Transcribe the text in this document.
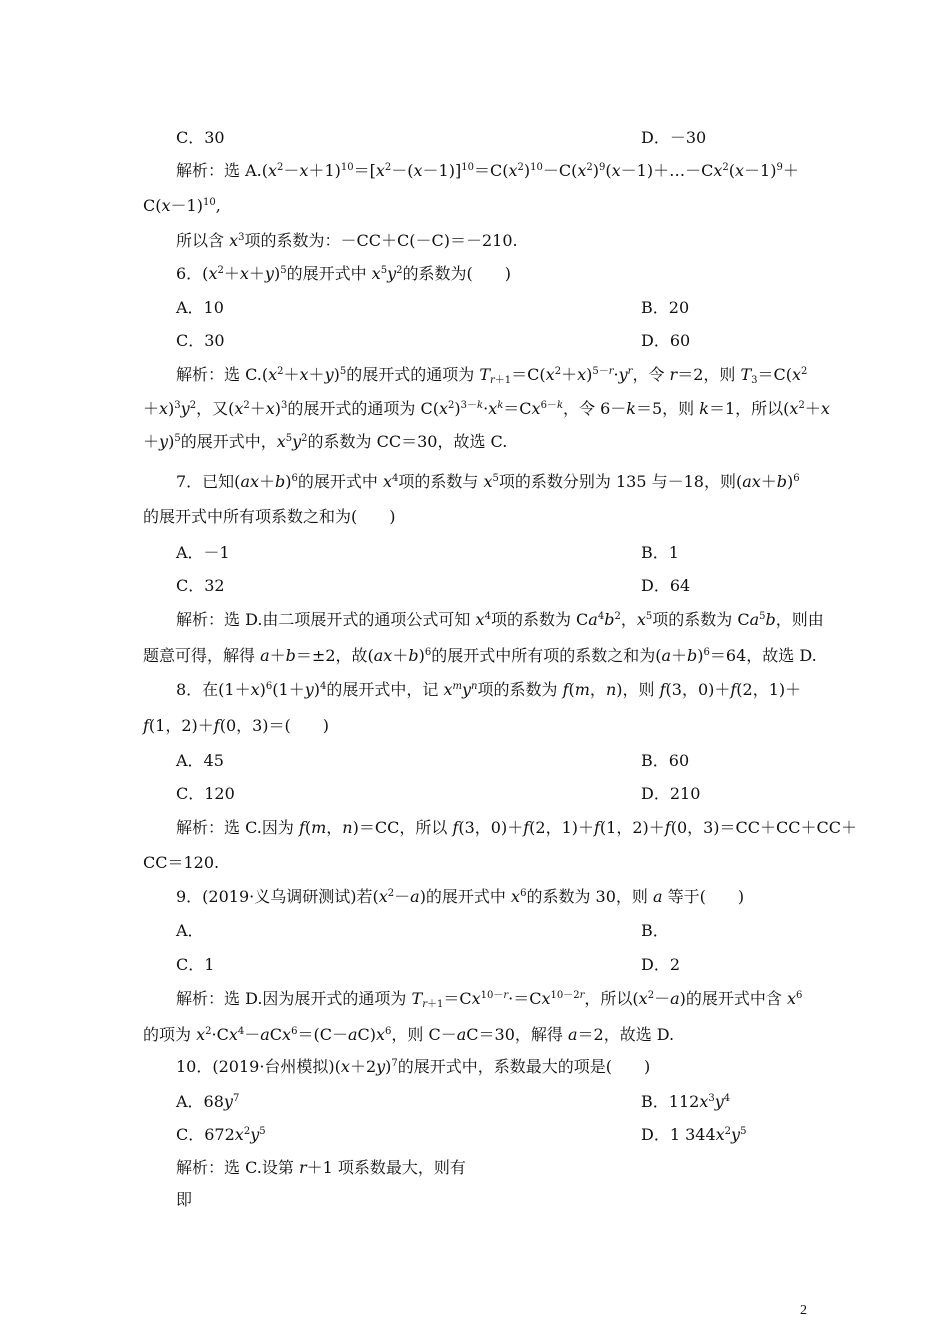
C．30	D．－30
解析：选 $A.(x^2-x+1)^{10}=[x^2-(x-1)]^{10}=C(x^2)^{10}-C(x^2)^9(x-1)+\dots-Cx^2(x-1)^9+$
$C(x-1)^{10}$,
所以含 $x^3$项的系数为：－CC＋C(－C)＝－210.
6．$(x^2+x+y)^5$的展开式中 $x^5y^2$的系数为(　　)
A．10	B．20
C．30	D．60
解析：选 $C.(x^2+x+y)^5$的展开式的通项为 $T_{r+1}=C(x^2+x)^{5-r}\cdot y^r$，令 r＝2，则 $T_3=C(x^2$
$+x)^3y^2$，又$(x^2+x)^3$的展开式的通项为 $C(x^2)^{3-k}\cdot x^k=Cx^{6-k}$，令 6－k＝5，则 k＝1，所以($x^2+x$
＋y)$^5$的展开式中，$x^5y^2$的系数为 CC＝30，故选 C.
7．已知$(ax+b)^6$的展开式中 $x^4$项的系数与 $x^5$项的系数分别为 135 与－18，则$(ax+b)^6$
的展开式中所有项系数之和为(　　)
A．－1	B．1
C．32	D．64
解析：选 D.由二项展开式的通项公式可知 $x^4$项的系数为 $Ca^4b^2$，$x^5$项的系数为 Ca$^5$b，则由
题意可得，解得 a＋b＝±2，故$(ax+b)^6$的展开式中所有项的系数之和为$(a+b)^6=64$，故选 D.
8．在$(1+x)^6(1+y)^4$的展开式中，记 $x^my^n$项的系数为 f(m，n)，则 f(3，0)＋f(2，1)＋
f(1，2)＋f(0，3)＝(　　)
A．45	B．60
C．120	D．210
解析：选 C.因为 f(m，n)＝CC，所以 f(3，0)＋f(2，1)＋f(1，2)＋f(0，3)＝CC＋CC＋CC＋
CC＝120.
9．(2019·义乌调研测试)若$(x^2-a)$的展开式中 $x^6$的系数为 30，则 a 等于(　　)
A．	B．
C．1	D．2
解析：选 D.因为展开式的通项为 $T_{r+1}=Cx^{10-r}\cdot=Cx^{10-2r}$，所以$(x^2-a)$的展开式中含 $x^6$
的项为 $x^2\cdot Cx^4-aCx^6=(C-aC)x^6$，则 C－aC＝30，解得 a＝2，故选 D.
10．(2019·台州模拟)$(x+2y)^7$的展开式中，系数最大的项是(　　)
A．$68y^7$	B．$112x^3y^4$
C．$672x^2y^5$	D．1 $344x^2y^5$
解析：选 C.设第 r＋1 项系数最大，则有
即
2
